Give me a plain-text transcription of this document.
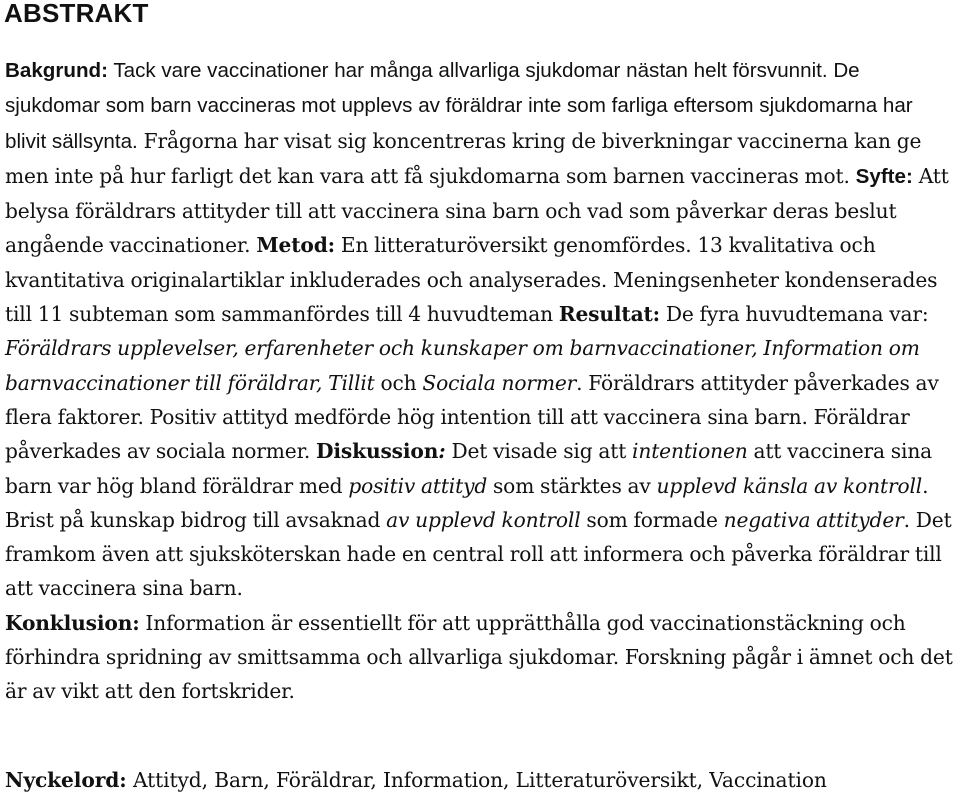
ABSTRAKT

Bakgrund: Tack vare vaccinationer har många allvarliga sjukdomar nästan helt försvunnit. De sjukdomar som barn vaccineras mot upplevs av föräldrar inte som farliga eftersom sjukdomarna har blivit sällsynta. Frågorna har visat sig koncentreras kring de biverkningar vaccinerna kan ge men inte på hur farligt det kan vara att få sjukdomarna som barnen vaccineras mot. Syfte: Att belysa föräldrars attityder till att vaccinera sina barn och vad som påverkar deras beslut angående vaccinationer. Metod: En litteraturöversikt genomfördes. 13 kvalitativa och kvantitativa originalartiklar inkluderades och analyserades. Meningsenheter kondenserades till 11 subteman som sammanfördes till 4 huvudteman Resultat: De fyra huvudtemana var: Föräldrars upplevelser, erfarenheter och kunskaper om barnvaccinationer, Information om barnvaccinationer till föräldrar, Tillit och Sociala normer. Föräldrars attityder påverkades av flera faktorer. Positiv attityd medförde hög intention till att vaccinera sina barn. Föräldrar påverkades av sociala normer. Diskussion: Det visade sig att intentionen att vaccinera sina barn var hög bland föräldrar med positiv attityd som stärktes av upplevd känsla av kontroll. Brist på kunskap bidrog till avsaknad av upplevd kontroll som formade negativa attityder. Det framkom även att sjuksköterskan hade en central roll att informera och påverka föräldrar till att vaccinera sina barn.

Konklusion: Information är essentiellt för att upprätthålla god vaccinationstäckning och förhindra spridning av smittsamma och allvarliga sjukdomar. Forskning pågår i ämnet och det är av vikt att den fortskrider.

Nyckelord: Attityd, Barn, Föräldrar, Information, Litteraturöversikt, Vaccination
